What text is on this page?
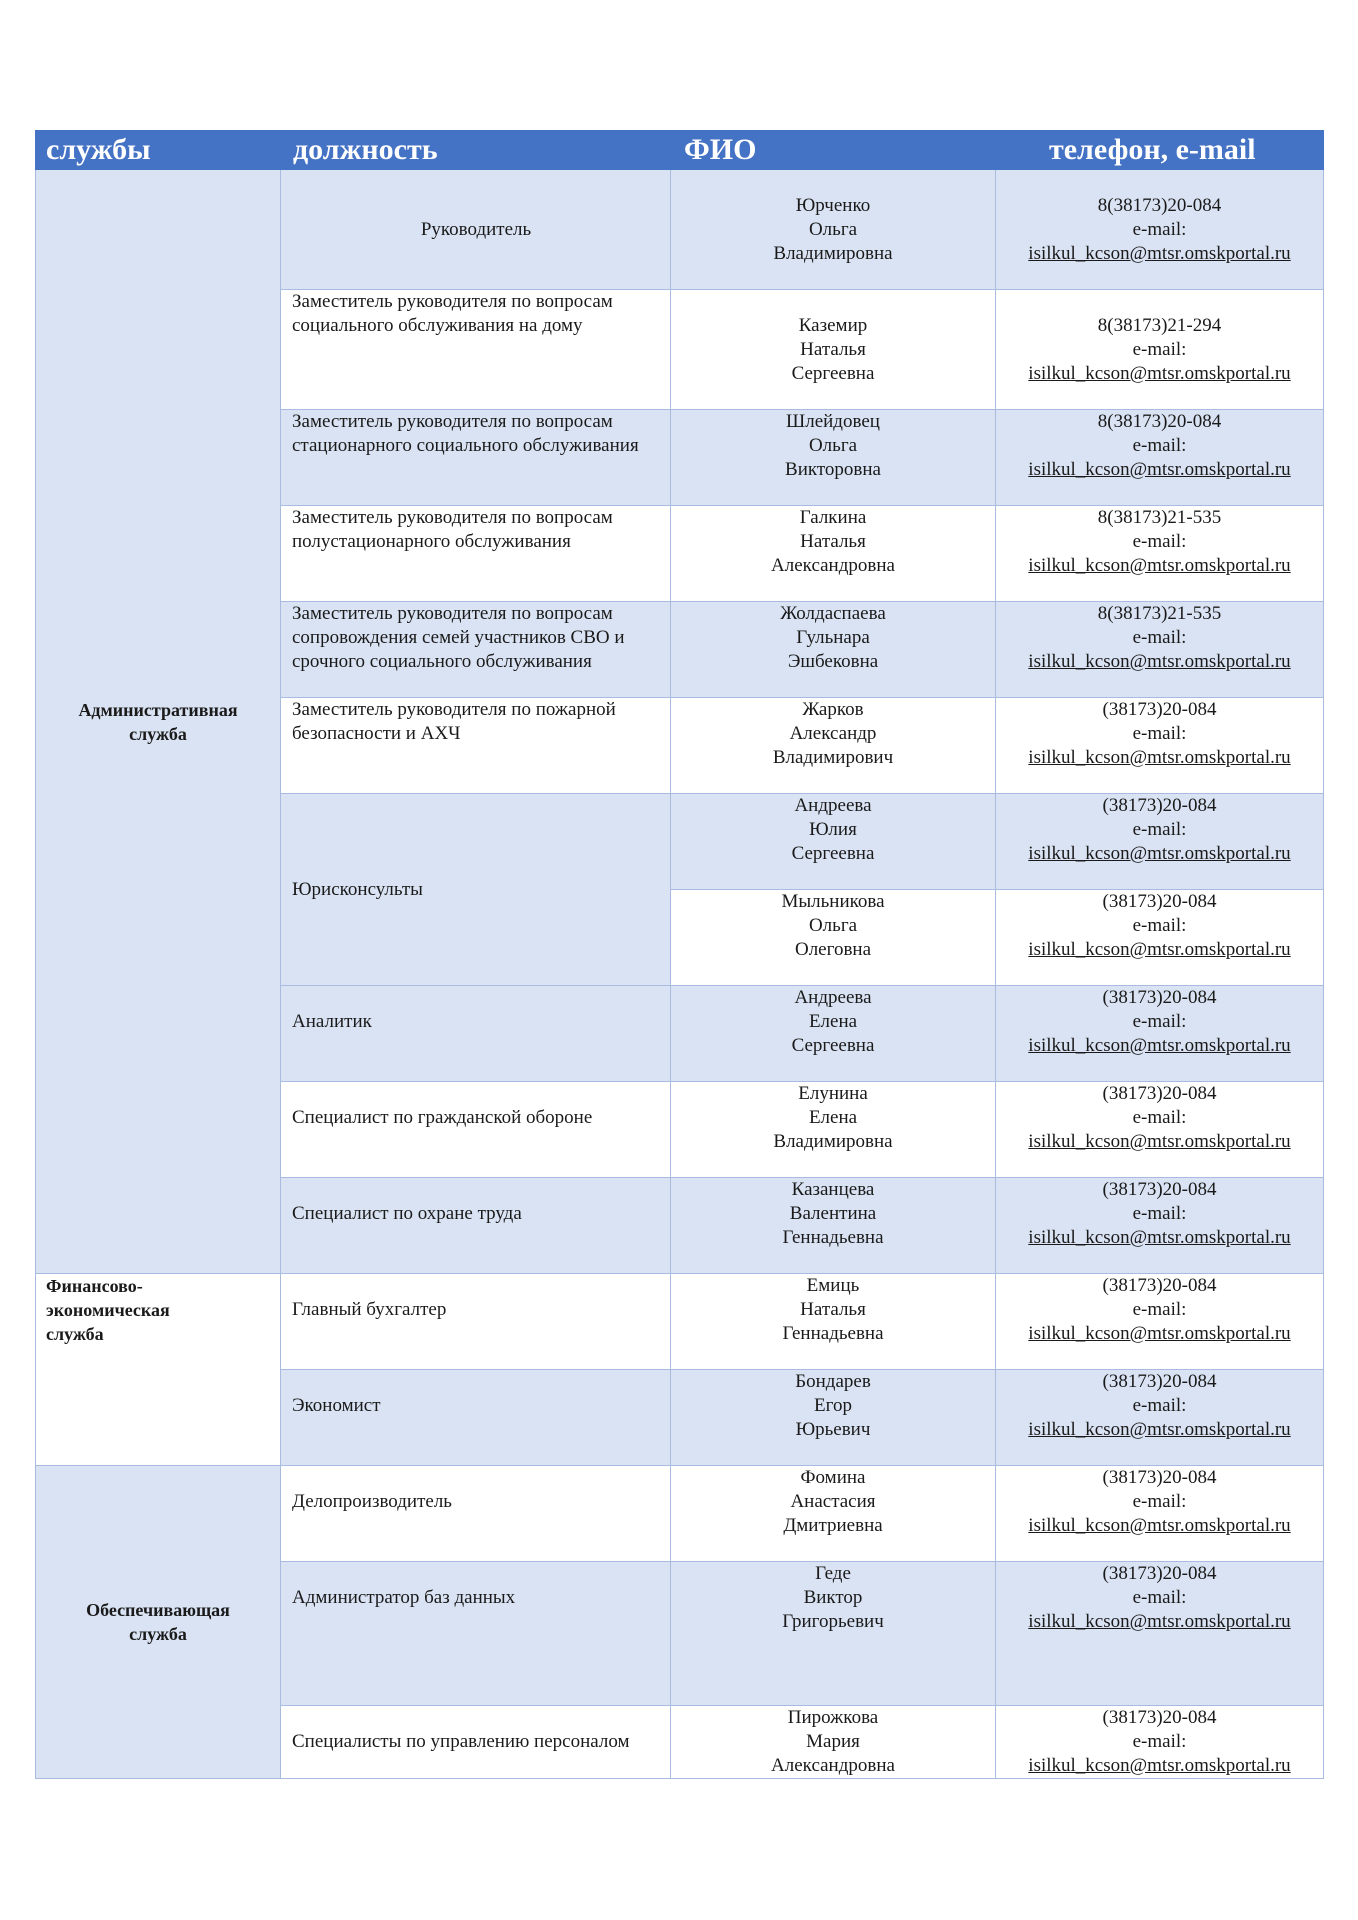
службы	должность	ФИО	телефон, e-mail

Административная служба	Руководитель	Юрченко
Ольга
Владимировна	8(38173)20-084
e-mail:
isilkul_kcson@mtsr.omskportal.ru

	Заместитель руководителя по вопросам социального обслуживания на дому	Каземир
Наталья
Сергеевна	8(38173)21-294
e-mail:
isilkul_kcson@mtsr.omskportal.ru

	Заместитель руководителя по вопросам стационарного социального обслуживания	Шлейдовец
Ольга
Викторовна	8(38173)20-084
e-mail:
isilkul_kcson@mtsr.omskportal.ru

	Заместитель руководителя по вопросам полустационарного обслуживания	Галкина
Наталья
Александровна	8(38173)21-535
e-mail:
isilkul_kcson@mtsr.omskportal.ru

	Заместитель руководителя по вопросам сопровождения семей участников СВО и срочного социального обслуживания	Жолдаспаева
Гульнара
Эшбековна	8(38173)21-535
e-mail:
isilkul_kcson@mtsr.omskportal.ru

	Заместитель руководителя по пожарной безопасности и АХЧ	Жарков
Александр
Владимирович	(38173)20-084
e-mail:
isilkul_kcson@mtsr.omskportal.ru

	Юрисконсульты	Андреева
Юлия
Сергеевна	(38173)20-084
e-mail:
isilkul_kcson@mtsr.omskportal.ru

		Мыльникова
Ольга
Олеговна	(38173)20-084
e-mail:
isilkul_kcson@mtsr.omskportal.ru

	Аналитик	Андреева
Елена
Сергеевна	(38173)20-084
e-mail:
isilkul_kcson@mtsr.omskportal.ru

	Специалист по гражданской обороне	Елунина
Елена
Владимировна	(38173)20-084
e-mail:
isilkul_kcson@mtsr.omskportal.ru

	Специалист по охране труда	Казанцева
Валентина
Геннадьевна	(38173)20-084
e-mail:
isilkul_kcson@mtsr.omskportal.ru

Финансово-экономическая служба	Главный бухгалтер	Емиць
Наталья
Геннадьевна	(38173)20-084
e-mail:
isilkul_kcson@mtsr.omskportal.ru

	Экономист	Бондарев
Егор
Юрьевич	(38173)20-084
e-mail:
isilkul_kcson@mtsr.omskportal.ru

Обеспечивающая служба	Делопроизводитель	Фомина
Анастасия
Дмитриевна	(38173)20-084
e-mail:
isilkul_kcson@mtsr.omskportal.ru

	Администратор баз данных	Геде
Виктор
Григорьевич	(38173)20-084
e-mail:
isilkul_kcson@mtsr.omskportal.ru

	Специалисты по управлению персоналом	Пирожкова
Мария
Александровна	(38173)20-084
e-mail:
isilkul_kcson@mtsr.omskportal.ru
